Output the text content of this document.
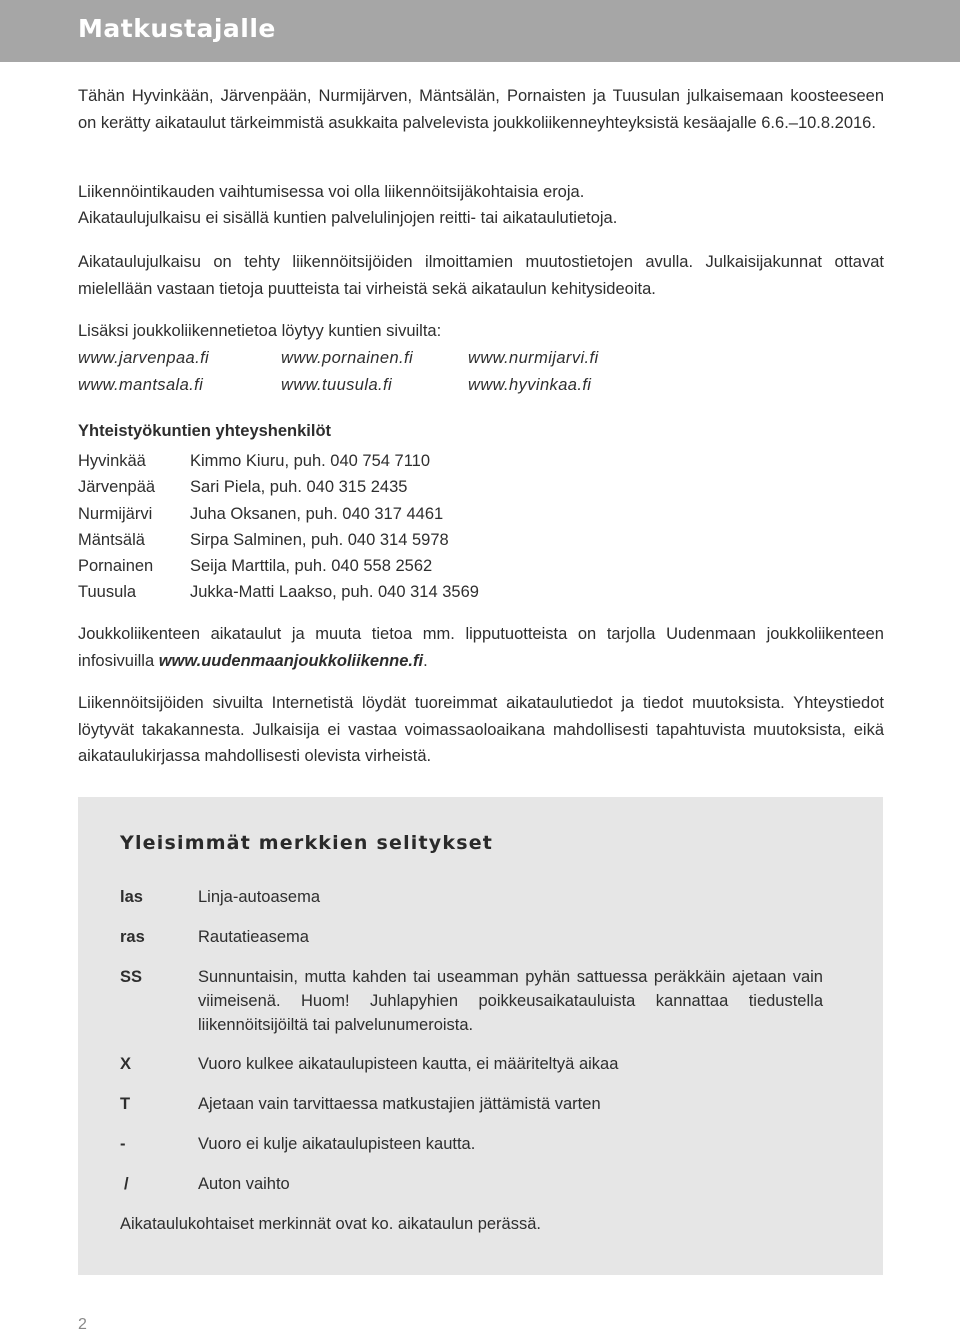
Matkustajalle
Tähän Hyvinkään, Järvenpään, Nurmijärven, Mäntsälän, Pornaisten ja Tuusulan julkaisemaan koosteeseen on kerätty aikataulut tärkeimmistä asukkaita palvelevista joukkoliikenneyhteyksistä kesäajalle 6.6.–10.8.2016.
Liikennöintikauden vaihtumisessa voi olla liikennöitsijäkohtaisia eroja.
Aikataulujulkaisu ei sisällä kuntien palvelulinjojen reitti- tai aikataulutietoja.
Aikataulujulkaisu on tehty liikennöitsijöiden ilmoittamien muutostietojen avulla. Julkaisijakunnat ottavat mielellään vastaan tietoja puutteista tai virheistä sekä aikataulun kehitysideoita.
Lisäksi joukkoliikennetietoa löytyy kuntien sivuilta:
www.jarvenpaa.fi	www.pornainen.fi	www.nurmijarvi.fi
www.mantsala.fi	www.tuusula.fi	www.hyvinkaa.fi
Yhteistyökuntien yhteyshenkilöt
Hyvinkää	Kimmo Kiuru, puh. 040 754 7110
Järvenpää	Sari Piela, puh. 040 315 2435
Nurmijärvi	Juha Oksanen, puh. 040 317 4461
Mäntsälä	Sirpa Salminen, puh. 040 314 5978
Pornainen	Seija Marttila, puh. 040 558 2562
Tuusula	Jukka-Matti Laakso, puh. 040 314 3569
Joukkoliikenteen aikataulut ja muuta tietoa mm. lipputuotteista on tarjolla Uudenmaan joukkoliikenteen infosivuilla www.uudenmaanjoukkoliikenne.fi.
Liikennöitsijöiden sivuilta Internetistä löydät tuoreimmat aikataulutiedot ja tiedot muutoksista. Yhteystiedot löytyvät takakannesta. Julkaisija ei vastaa voimassaoloaikana mahdollisesti tapahtuvista muutoksista, eikä aikataulukirjassa mahdollisesti olevista virheistä.
Yleisimmät merkkien selitykset
las	Linja-autoasema
ras	Rautatieasema
SS	Sunnuntaisin, mutta kahden tai useamman pyhän sattuessa peräkkäin ajetaan vain viimeisenä. Huom! Juhlapyhien poikkeusaikatauluista kannattaa tiedustella liikennöitsijöiltä tai palvelunumeroista.
X	Vuoro kulkee aikataulupisteen kautta, ei määriteltyä aikaa
T	Ajetaan vain tarvittaessa matkustajien jättämistä varten
-	Vuoro ei kulje aikataulupisteen kautta.
/	Auton vaihto
Aikataulukohtaiset merkinnät ovat ko. aikataulun perässä.
2
